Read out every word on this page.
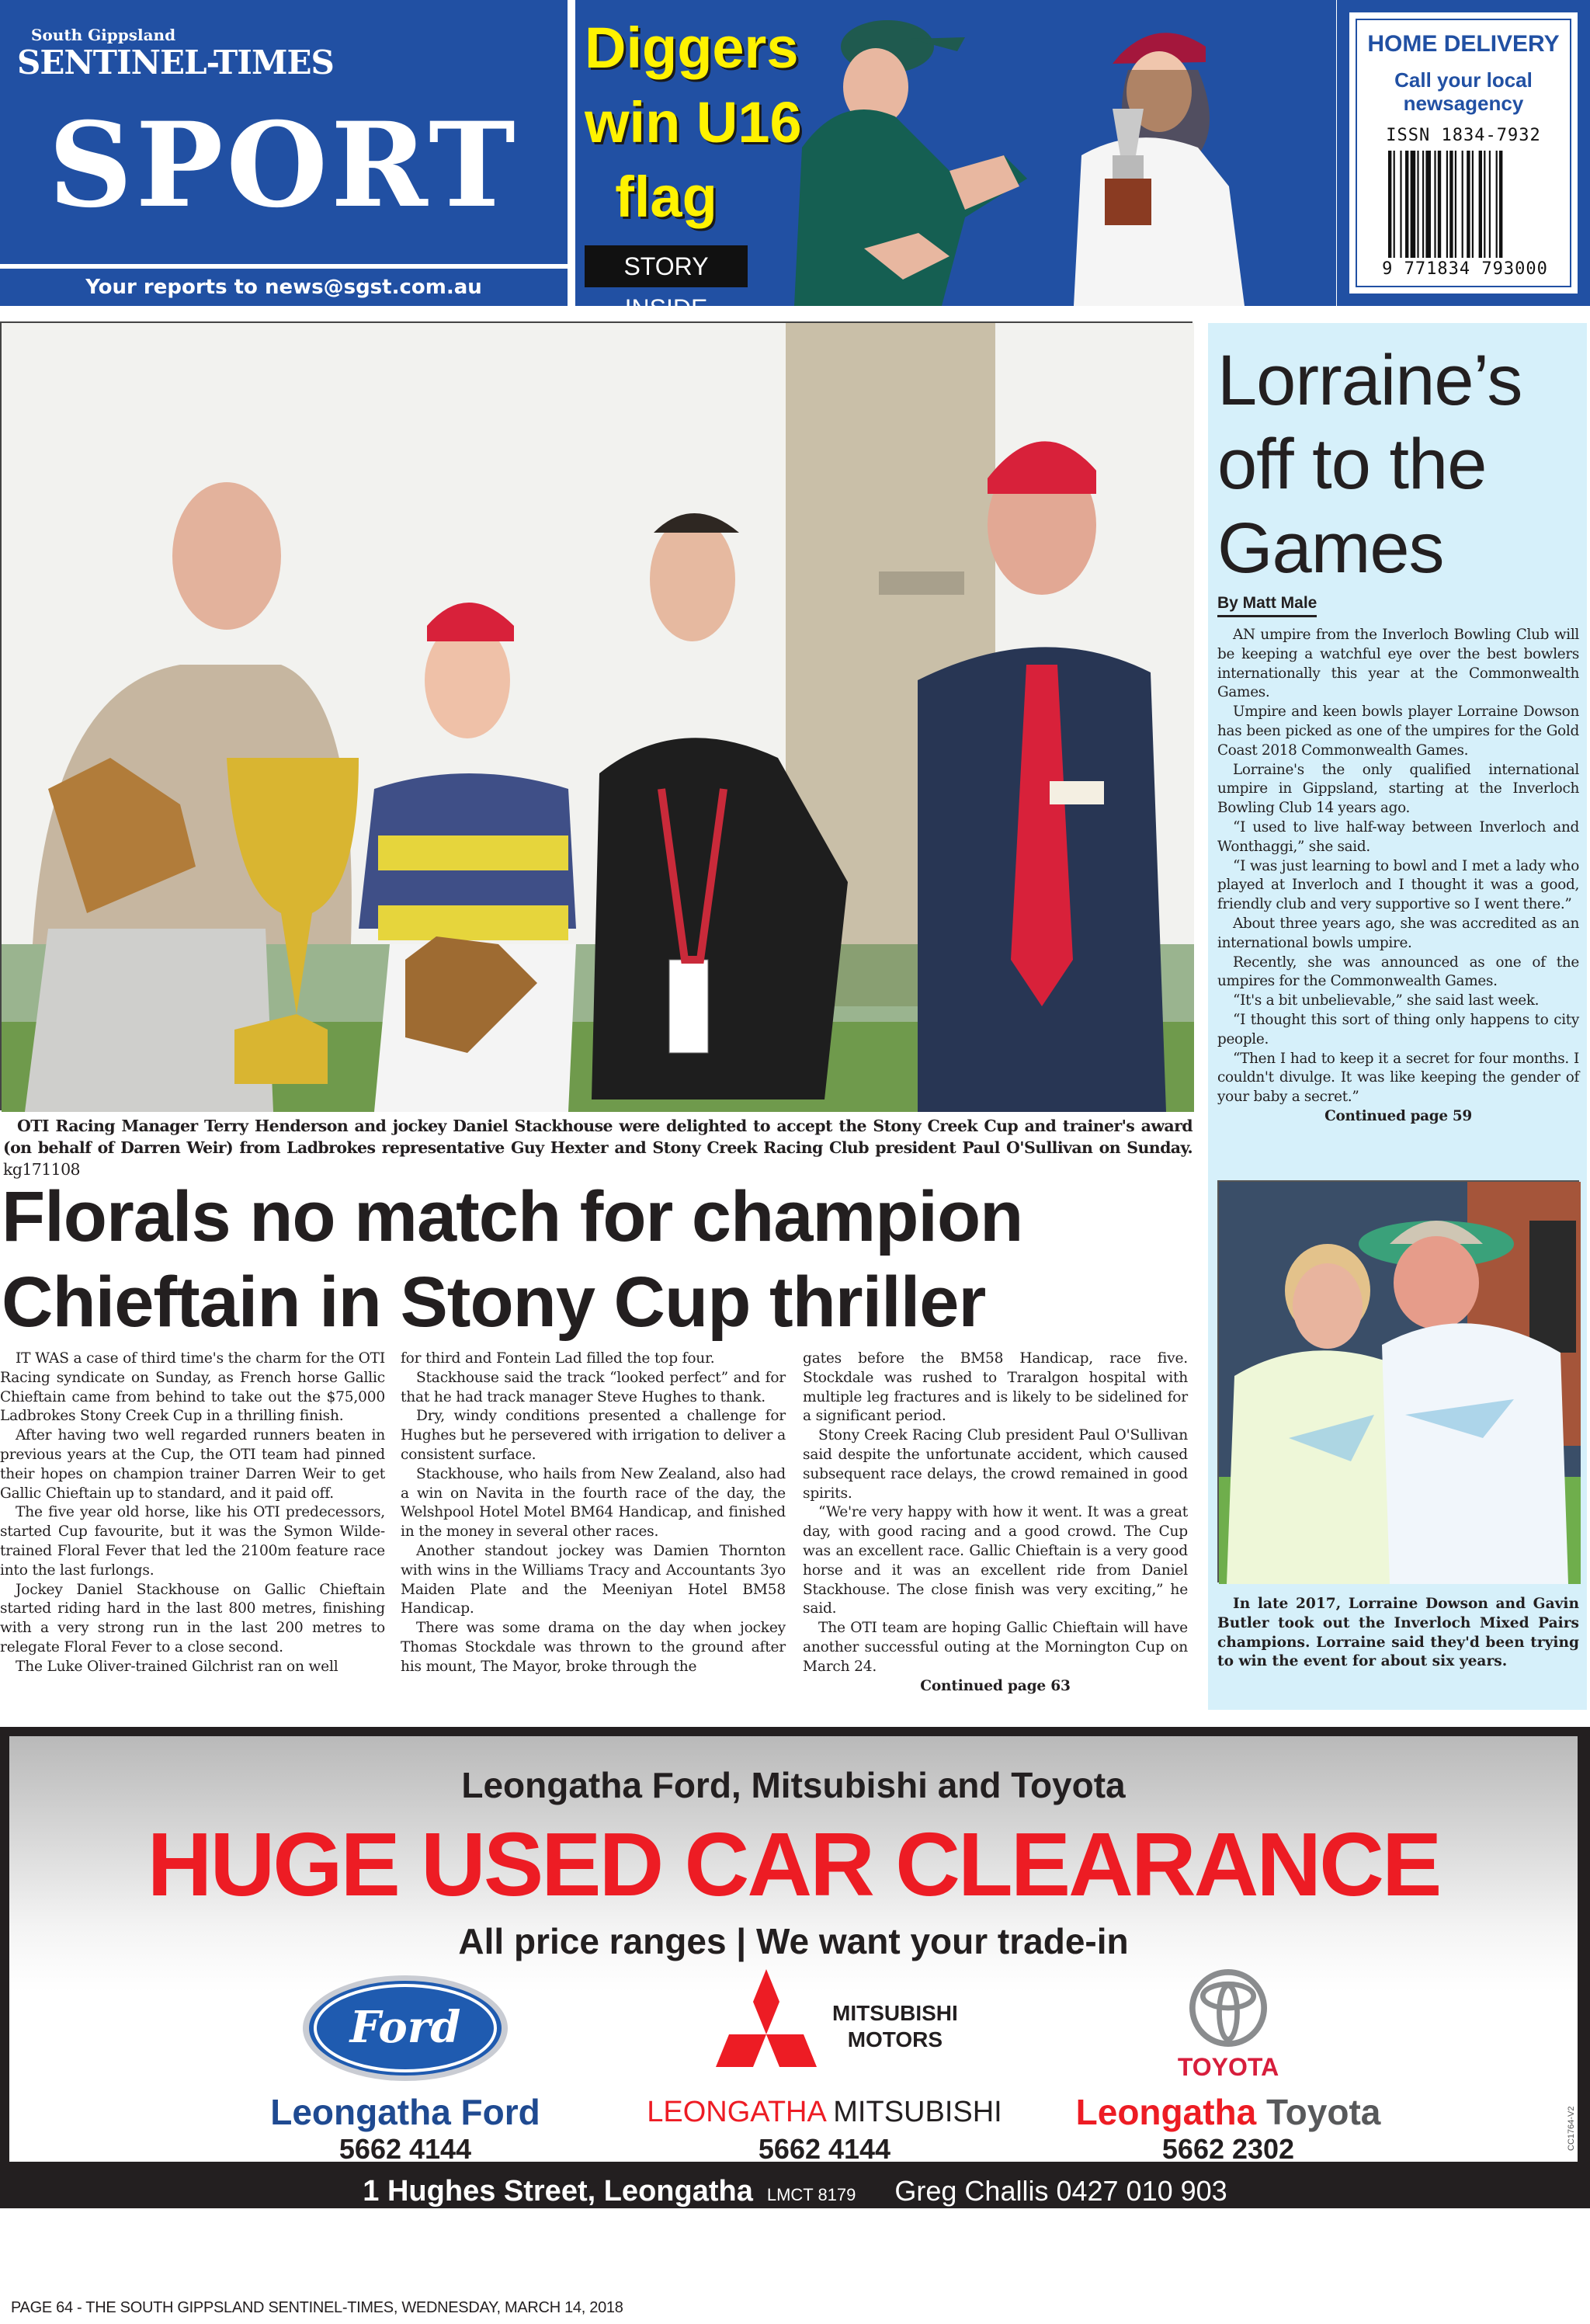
South Gippsland
SENTINEL-TIMES
SPORT
Your reports to news@sgst.com.au
Diggers
win U16
flag
STORY INSIDE
HOME DELIVERY
Call your local
newsagency
ISSN 1834-7932
9 771834 793000

OTI Racing Manager Terry Henderson and jockey Daniel Stackhouse were delighted to accept the Stony Creek Cup and trainer's award (on behalf of Darren Weir) from Ladbrokes representative Guy Hexter and Stony Creek Racing Club president Paul O'Sullivan on Sunday. kg171108

Florals no match for champion
Chieftain in Stony Cup thriller

IT WAS a case of third time's the charm for the OTI Racing syndicate on Sunday, as French horse Gallic Chieftain came from behind to take out the $75,000 Ladbrokes Stony Creek Cup in a thrilling finish.

After having two well regarded runners beaten in previous years at the Cup, the OTI team had pinned their hopes on champion trainer Darren Weir to get Gallic Chieftain up to standard, and it paid off.

The five year old horse, like his OTI predecessors, started Cup favourite, but it was the Symon Wilde-trained Floral Fever that led the 2100m feature race into the last furlongs.

Jockey Daniel Stackhouse on Gallic Chieftain started riding hard in the last 800 metres, finishing with a very strong run in the last 200 metres to relegate Floral Fever to a close second.

The Luke Oliver-trained Gilchrist ran on well

for third and Fontein Lad filled the top four.

Stackhouse said the track “looked perfect” and for that he had track manager Steve Hughes to thank.

Dry, windy conditions presented a challenge for Hughes but he persevered with irrigation to deliver a consistent surface.

Stackhouse, who hails from New Zealand, also had a win on Navita in the fourth race of the day, the Welshpool Hotel Motel BM64 Handicap, and finished in the money in several other races.

Another standout jockey was Damien Thornton with wins in the Williams Tracy and Accountants 3yo Maiden Plate and the Meeniyan Hotel BM58 Handicap.

There was some drama on the day when jockey Thomas Stockdale was thrown to the ground after his mount, The Mayor, broke through the

gates before the BM58 Handicap, race five. Stockdale was rushed to Traralgon hospital with multiple leg fractures and is likely to be sidelined for a significant period.

Stony Creek Racing Club president Paul O'Sullivan said despite the unfortunate accident, which caused subsequent race delays, the crowd remained in good spirits.

“We're very happy with how it went. It was a great day, with good racing and a good crowd. The Cup was an excellent race. Gallic Chieftain is a very good horse and it was an excellent ride from Daniel Stackhouse. The close finish was very exciting,” he said.

The OTI team are hoping Gallic Chieftain will have another successful outing at the Mornington Cup on March 24.

Continued page 63
Lorraine’s off to the Games
By Matt Male

AN umpire from the Inverloch Bowling Club will be keeping a watchful eye over the best bowlers internationally this year at the Commonwealth Games.

Umpire and keen bowls player Lorraine Dowson has been picked as one of the umpires for the Gold Coast 2018 Commonwealth Games.

Lorraine's the only qualified international umpire in Gippsland, starting at the Inverloch Bowling Club 14 years ago.

“I used to live half-way between Inverloch and Wonthaggi,” she said.

“I was just learning to bowl and I met a lady who played at Inverloch and I thought it was a good, friendly club and very supportive so I went there.”

About three years ago, she was accredited as an international bowls umpire.

Recently, she was announced as one of the umpires for the Commonwealth Games.

“It's a bit unbelievable,” she said last week.

“I thought this sort of thing only happens to city people.

“Then I had to keep it a secret for four months. I couldn't divulge. It was like keeping the gender of your baby a secret.”

Continued page 59

In late 2017, Lorraine Dowson and Gavin Butler took out the Inverloch Mixed Pairs champions. Lorraine said they'd been trying to win the event for about six years.

Leongatha Ford, Mitsubishi and Toyota
HUGE USED CAR CLEARANCE
All price ranges | We want your trade-in
Ford
Leongatha Ford
5662 4144
MITSUBISHI
MOTORS
LEONGATHA MITSUBISHI
5662 4144
TOYOTA
Leongatha Toyota
5662 2302
1 Hughes Street, Leongatha LMCT 8179 Greg Challis 0427 010 903
CC1764-V2
PAGE 64 - THE SOUTH GIPPSLAND SENTINEL-TIMES, WEDNESDAY, MARCH 14, 2018
